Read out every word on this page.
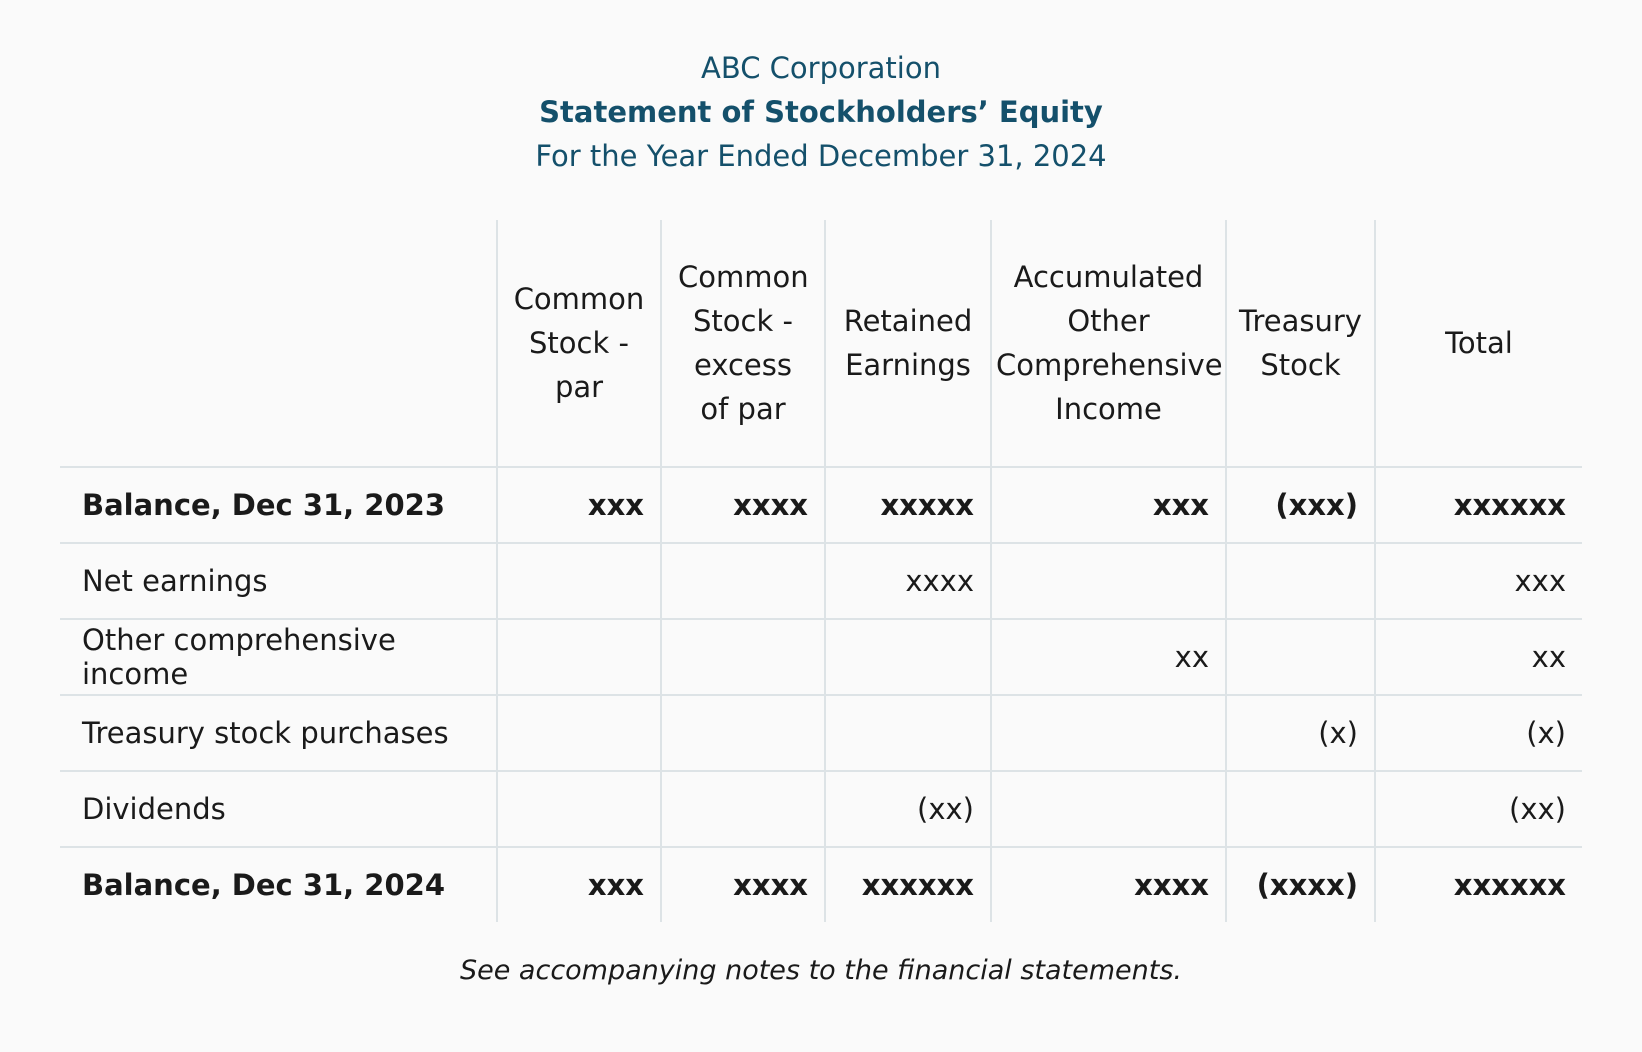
ABC Corporation
Statement of Stockholders’ Equity
For the Year Ended December 31, 2024

	Common Stock - par	Common Stock - excess of par	Retained Earnings	Accumulated Other Comprehensive Income	Treasury Stock	Total
Balance, Dec 31, 2023	xxx	xxxx	xxxxx	xxx	(xxx)	xxxxxx
Net earnings			xxxx			xxx
Other comprehensive income				xx		xx
Treasury stock purchases					(x)	(x)
Dividends			(xx)			(xx)
Balance, Dec 31, 2024	xxx	xxxx	xxxxxx	xxxx	(xxxx)	xxxxxx
See accompanying notes to the financial statements.
